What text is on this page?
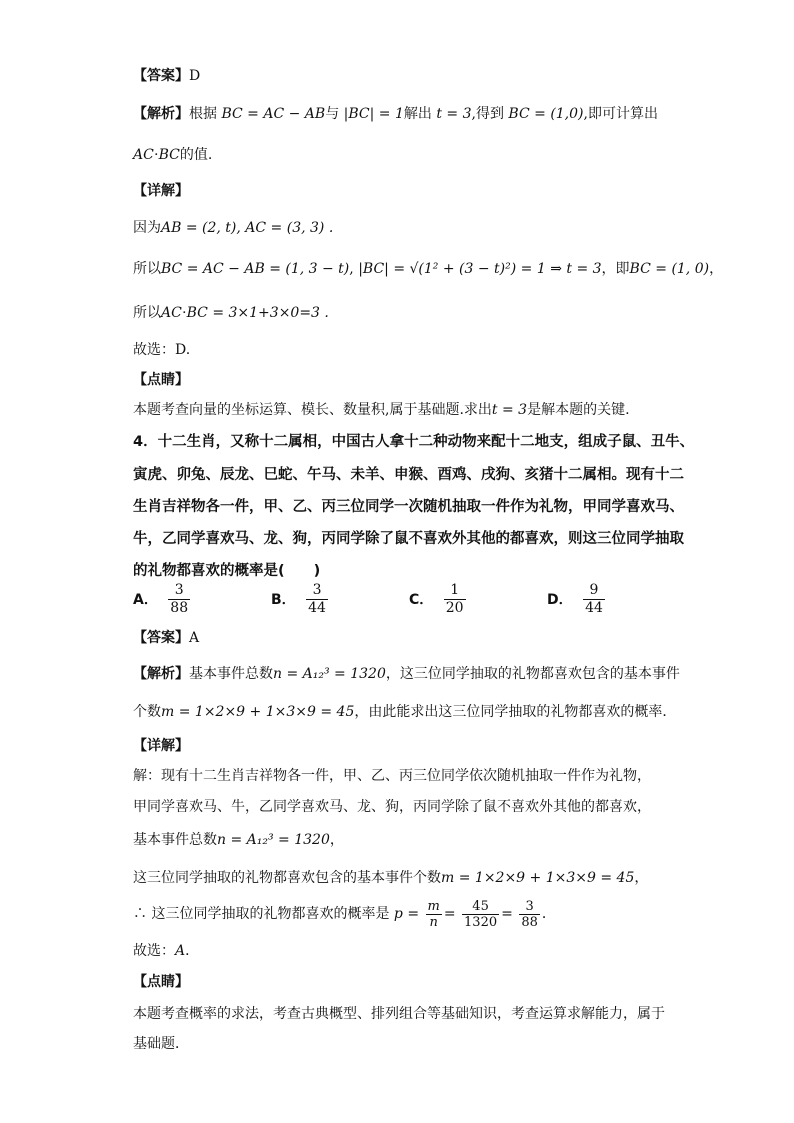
【答案】D
【解析】根据 BC = AC − AB与 |BC| = 1解出 t = 3,得到 BC = (1,0),即可计算出
AC⋅BC的值.
【详解】
因为AB = (2, t), AC = (3, 3) .
所以BC = AC − AB = (1, 3 − t), |BC| = √(1² + (3 − t)²) = 1 ⇒ t = 3，即BC = (1, 0)，
所以AC⋅BC = 3×1+3×0=3 .
故选：D.
【点睛】
本题考查向量的坐标运算、模长、数量积,属于基础题.求出t = 3是解本题的关键.
4．十二生肖，又称十二属相，中国古人拿十二种动物来配十二地支，组成子鼠、丑牛、
寅虎、卯兔、辰龙、巳蛇、午马、未羊、申猴、酉鸡、戌狗、亥猪十二属相。现有十二
生肖吉祥物各一件，甲、乙、丙三位同学一次随机抽取一件作为礼物，甲同学喜欢马、
牛，乙同学喜欢马、龙、狗，丙同学除了鼠不喜欢外其他的都喜欢，则这三位同学抽取
的礼物都喜欢的概率是(　　)
A． $\frac{3}{88}$	B． $\frac{3}{44}$	C． $\frac{1}{20}$	D． $\frac{9}{44}$
【答案】A
【解析】基本事件总数n = A₁₂³ = 1320，这三位同学抽取的礼物都喜欢包含的基本事件
个数m = 1×2×9 + 1×3×9 = 45，由此能求出这三位同学抽取的礼物都喜欢的概率．
【详解】
解：现有十二生肖吉祥物各一件，甲、乙、丙三位同学依次随机抽取一件作为礼物，
甲同学喜欢马、牛，乙同学喜欢马、龙、狗，丙同学除了鼠不喜欢外其他的都喜欢，
基本事件总数n = A₁₂³ = 1320，
这三位同学抽取的礼物都喜欢包含的基本事件个数m = 1×2×9 + 1×3×9 = 45，
∴ 这三位同学抽取的礼物都喜欢的概率是 $p = \frac{m}{n} = \frac{45}{1320} = \frac{3}{88}$ ．
故选：A．
【点睛】
本题考查概率的求法，考查古典概型、排列组合等基础知识，考查运算求解能力，属于
基础题．
